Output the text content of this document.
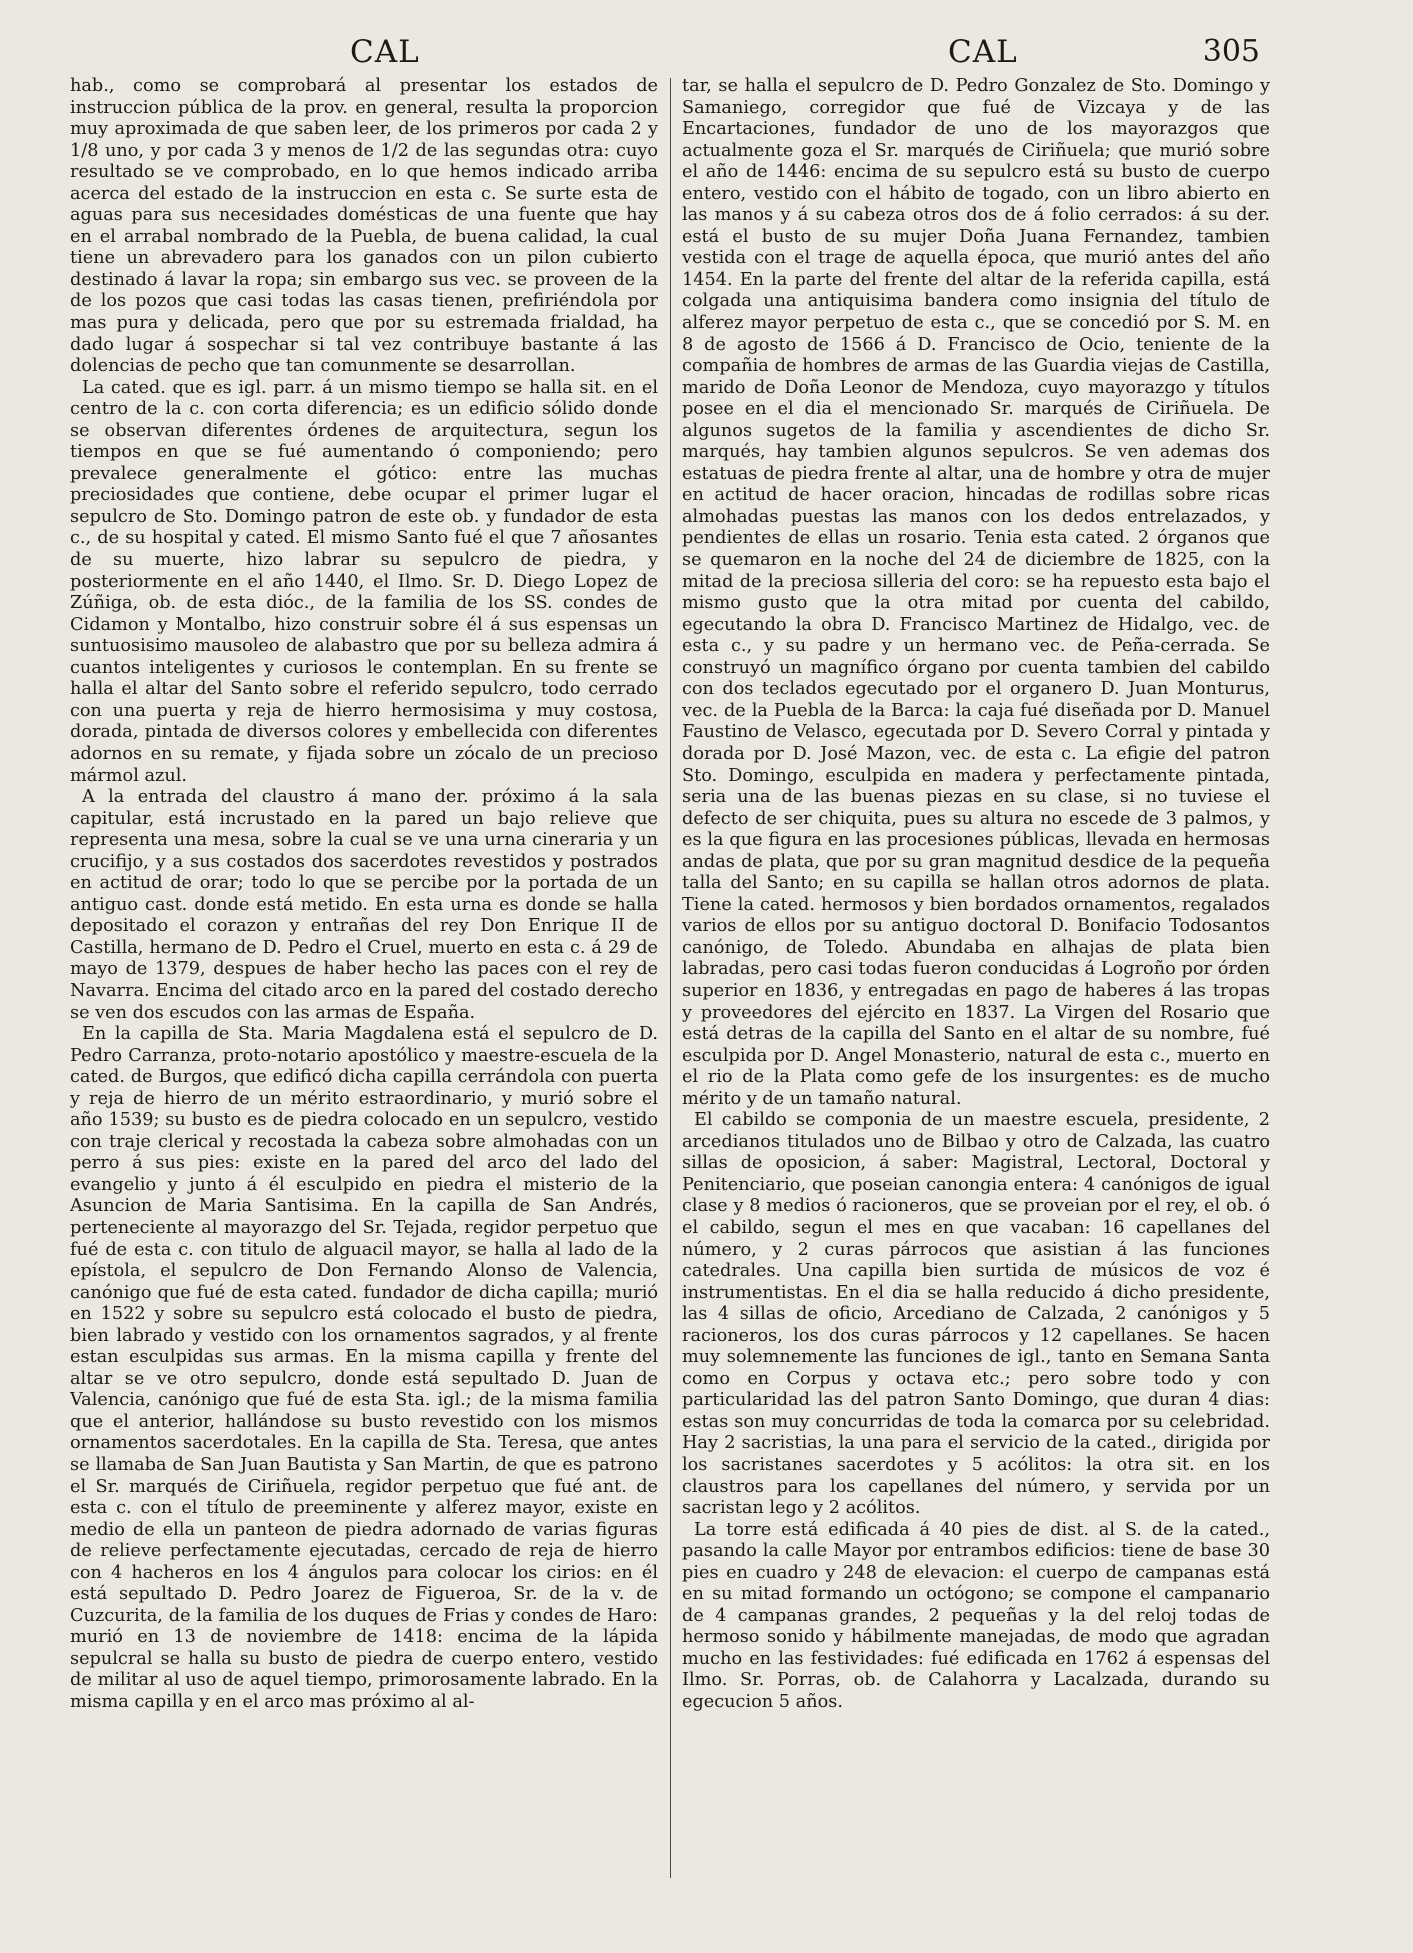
CAL	CAL	305

hab., como se comprobará al presentar los estados de instruccion pública de la prov. en general, resulta la proporcion muy aproximada de que saben leer, de los primeros por cada 2 y 1/8 uno, y por cada 3 y menos de 1/2 de las segundas otra: cuyo resultado se ve comprobado, en lo que hemos indicado arriba acerca del estado de la instruccion en esta c. Se surte esta de aguas para sus necesidades domésticas de una fuente que hay en el arrabal nombrado de la Puebla, de buena calidad, la cual tiene un abrevadero para los ganados con un pilon cubierto destinado á lavar la ropa; sin embargo sus vec. se proveen de la de los pozos que casi todas las casas tienen, prefiriéndola por mas pura y delicada, pero que por su estremada frialdad, ha dado lugar á sospechar si tal vez contribuye bastante á las dolencias de pecho que tan comunmente se desarrollan.

La cated. que es igl. parr. á un mismo tiempo se halla sit. en el centro de la c. con corta diferencia; es un edificio sólido donde se observan diferentes órdenes de arquitectura, segun los tiempos en que se fué aumentando ó componiendo; pero prevalece generalmente el gótico: entre las muchas preciosidades que contiene, debe ocupar el primer lugar el sepulcro de Sto. Domingo patron de este ob. y fundador de esta c., de su hospital y cated. El mismo Santo fué el que 7 añosantes de su muerte, hizo labrar su sepulcro de piedra, y posteriormente en el año 1440, el Ilmo. Sr. D. Diego Lopez de Zúñiga, ob. de esta dióc., de la familia de los SS. condes de Cidamon y Montalbo, hizo construir sobre él á sus espensas un suntuosisimo mausoleo de alabastro que por su belleza admira á cuantos inteligentes y curiosos le contemplan. En su frente se halla el altar del Santo sobre el referido sepulcro, todo cerrado con una puerta y reja de hierro hermosisima y muy costosa, dorada, pintada de diversos colores y embellecida con diferentes adornos en su remate, y fijada sobre un zócalo de un precioso mármol azul.

A la entrada del claustro á mano der. próximo á la sala capitular, está incrustado en la pared un bajo relieve que representa una mesa, sobre la cual se ve una urna cineraria y un crucifijo, y a sus costados dos sacerdotes revestidos y postrados en actitud de orar; todo lo que se percibe por la portada de un antiguo cast. donde está metido. En esta urna es donde se halla depositado el corazon y entrañas del rey Don Enrique II de Castilla, hermano de D. Pedro el Cruel, muerto en esta c. á 29 de mayo de 1379, despues de haber hecho las paces con el rey de Navarra. Encima del citado arco en la pared del costado derecho se ven dos escudos con las armas de España.

En la capilla de Sta. Maria Magdalena está el sepulcro de D. Pedro Carranza, proto-notario apostólico y maestre-escuela de la cated. de Burgos, que edificó dicha capilla cerrándola con puerta y reja de hierro de un mérito estraordinario, y murió sobre el año 1539; su busto es de piedra colocado en un sepulcro, vestido con traje clerical y recostada la cabeza sobre almohadas con un perro á sus pies: existe en la pared del arco del lado del evangelio y junto á él esculpido en piedra el misterio de la Asuncion de Maria Santisima. En la capilla de San Andrés, perteneciente al mayorazgo del Sr. Tejada, regidor perpetuo que fué de esta c. con titulo de alguacil mayor, se halla al lado de la epístola, el sepulcro de Don Fernando Alonso de Valencia, canónigo que fué de esta cated. fundador de dicha capilla; murió en 1522 y sobre su sepulcro está colocado el busto de piedra, bien labrado y vestido con los ornamentos sagrados, y al frente estan esculpidas sus armas. En la misma capilla y frente del altar se ve otro sepulcro, donde está sepultado D. Juan de Valencia, canónigo que fué de esta Sta. igl.; de la misma familia que el anterior, hallándose su busto revestido con los mismos ornamentos sacerdotales. En la capilla de Sta. Teresa, que antes se llamaba de San Juan Bautista y San Martin, de que es patrono el Sr. marqués de Ciriñuela, regidor perpetuo que fué ant. de esta c. con el título de preeminente y alferez mayor, existe en medio de ella un panteon de piedra adornado de varias figuras de relieve perfectamente ejecutadas, cercado de reja de hierro con 4 hacheros en los 4 ángulos para colocar los cirios: en él está sepultado D. Pedro Joarez de Figueroa, Sr. de la v. de Cuzcurita, de la familia de los duques de Frias y condes de Haro: murió en 13 de noviembre de 1418: encima de la lápida sepulcral se halla su busto de piedra de cuerpo entero, vestido de militar al uso de aquel tiempo, primorosamente labrado. En la misma capilla y en el arco mas próximo al al-

tar, se halla el sepulcro de D. Pedro Gonzalez de Sto. Domingo y Samaniego, corregidor que fué de Vizcaya y de las Encartaciones, fundador de uno de los mayorazgos que actualmente goza el Sr. marqués de Ciriñuela; que murió sobre el año de 1446: encima de su sepulcro está su busto de cuerpo entero, vestido con el hábito de togado, con un libro abierto en las manos y á su cabeza otros dos de á folio cerrados: á su der. está el busto de su mujer Doña Juana Fernandez, tambien vestida con el trage de aquella época, que murió antes del año 1454. En la parte del frente del altar de la referida capilla, está colgada una antiquisima bandera como insignia del título de alferez mayor perpetuo de esta c., que se concedió por S. M. en 8 de agosto de 1566 á D. Francisco de Ocio, teniente de la compañia de hombres de armas de las Guardia viejas de Castilla, marido de Doña Leonor de Mendoza, cuyo mayorazgo y títulos posee en el dia el mencionado Sr. marqués de Ciriñuela. De algunos sugetos de la familia y ascendientes de dicho Sr. marqués, hay tambien algunos sepulcros. Se ven ademas dos estatuas de piedra frente al altar, una de hombre y otra de mujer en actitud de hacer oracion, hincadas de rodillas sobre ricas almohadas puestas las manos con los dedos entrelazados, y pendientes de ellas un rosario. Tenia esta cated. 2 órganos que se quemaron en la noche del 24 de diciembre de 1825, con la mitad de la preciosa silleria del coro: se ha repuesto esta bajo el mismo gusto que la otra mitad por cuenta del cabildo, egecutando la obra D. Francisco Martinez de Hidalgo, vec. de esta c., y su padre y un hermano vec. de Peña-cerrada. Se construyó un magnífico órgano por cuenta tambien del cabildo con dos teclados egecutado por el organero D. Juan Monturus, vec. de la Puebla de la Barca: la caja fué diseñada por D. Manuel Faustino de Velasco, egecutada por D. Severo Corral y pintada y dorada por D. José Mazon, vec. de esta c. La efigie del patron Sto. Domingo, esculpida en madera y perfectamente pintada, seria una de las buenas piezas en su clase, si no tuviese el defecto de ser chiquita, pues su altura no escede de 3 palmos, y es la que figura en las procesiones públicas, llevada en hermosas andas de plata, que por su gran magnitud desdice de la pequeña talla del Santo; en su capilla se hallan otros adornos de plata. Tiene la cated. hermosos y bien bordados ornamentos, regalados varios de ellos por su antiguo doctoral D. Bonifacio Todosantos canónigo, de Toledo. Abundaba en alhajas de plata bien labradas, pero casi todas fueron conducidas á Logroño por órden superior en 1836, y entregadas en pago de haberes á las tropas y proveedores del ejército en 1837. La Virgen del Rosario que está detras de la capilla del Santo en el altar de su nombre, fué esculpida por D. Angel Monasterio, natural de esta c., muerto en el rio de la Plata como gefe de los insurgentes: es de mucho mérito y de un tamaño natural.

El cabildo se componia de un maestre escuela, presidente, 2 arcedianos titulados uno de Bilbao y otro de Calzada, las cuatro sillas de oposicion, á saber: Magistral, Lectoral, Doctoral y Penitenciario, que poseian canongia entera: 4 canónigos de igual clase y 8 medios ó racioneros, que se proveian por el rey, el ob. ó el cabildo, segun el mes en que vacaban: 16 capellanes del número, y 2 curas párrocos que asistian á las funciones catedrales. Una capilla bien surtida de músicos de voz é instrumentistas. En el dia se halla reducido á dicho presidente, las 4 sillas de oficio, Arcediano de Calzada, 2 canónigos y 5 racioneros, los dos curas párrocos y 12 capellanes. Se hacen muy solemnemente las funciones de igl., tanto en Semana Santa como en Corpus y octava etc.; pero sobre todo y con particularidad las del patron Santo Domingo, que duran 4 dias: estas son muy concurridas de toda la comarca por su celebridad. Hay 2 sacristias, la una para el servicio de la cated., dirigida por los sacristanes sacerdotes y 5 acólitos: la otra sit. en los claustros para los capellanes del número, y servida por un sacristan lego y 2 acólitos.

La torre está edificada á 40 pies de dist. al S. de la cated., pasando la calle Mayor por entrambos edificios: tiene de base 30 pies en cuadro y 248 de elevacion: el cuerpo de campanas está en su mitad formando un octógono; se compone el campanario de 4 campanas grandes, 2 pequeñas y la del reloj todas de hermoso sonido y hábilmente manejadas, de modo que agradan mucho en las festividades: fué edificada en 1762 á espensas del Ilmo. Sr. Porras, ob. de Calahorra y Lacalzada, durando su egecucion 5 años.
